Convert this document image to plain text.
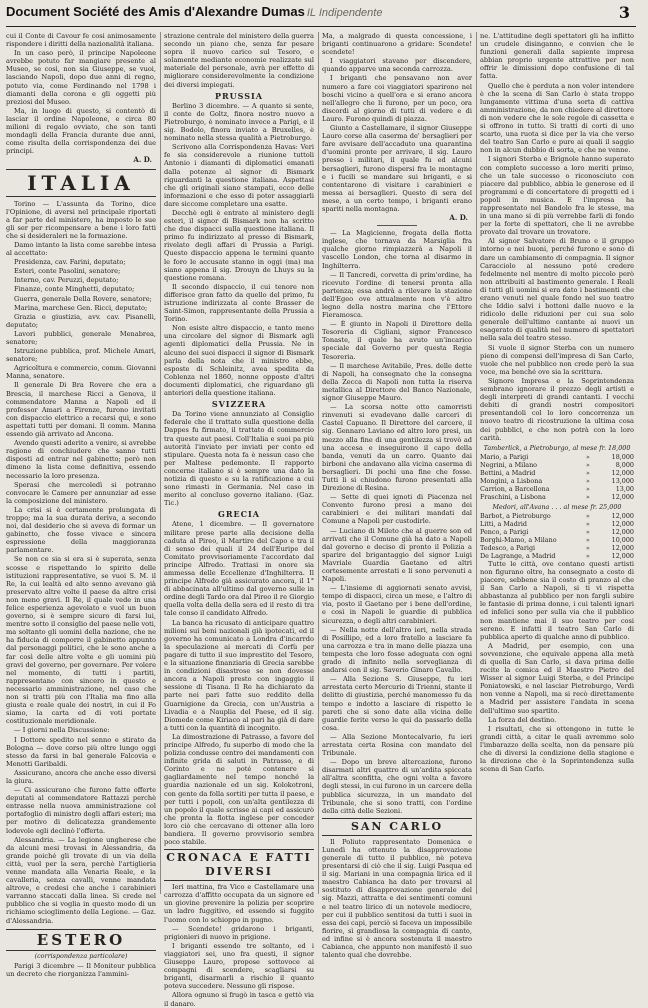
Document Société des Amis d'Alexandre Dumas IL Indipendente	3

cui il Conte di Cavour fe cosi animosamente rispondere i diritti della nazionalità italiana.

In un caso però, il principe Napoleone avrebbe potuto far mangiare presente al Museo, se così, non sia Giuseppe, se vuoi, lasciando Napoli, dopo due anni di regno, potuto via, come Ferdinando nel 1798 i diamanti della corona e gli oggetti più preziosi del Museo.

Ma, in luogo di questo, si contentò di lasciar il ordine Napoleone, e circa 80 milioni di regalo ovviato, che son tanti mondagli della Francia durante due anni, come risulta della corrispondenza dei due principi.

A. D.
ITALIA

Torino — L'assunta da Torino, dice l'Opinione, di aversi nel principale riportati a far parte del ministero, ha imposto le sue gli ser per ricompensare a bene i loro fatti che si desideraleri ne la formazione.

Damo intanto la lista come sarebbe intesa al accettato:

Presidenza, cav. Farini, deputato;

Esteri, conte Pasolini, senatore;

Interno, cav. Peruzzi, deputato;

Finanze, conte Minghetti, deputato;

Guerra, generale Della Rovere, senatore;

Marina, marchese Gen. Ricci, deputato;

Grazia e giustizia, avv. cav. Pisanelli, deputato;

Lavori pubblici, generale Menabrea, senatore;

Istruzione pubblica, prof. Michele Amari, senatore;

Agricoltura e commercio, comm. Giovanni Manna, senatore.

Il generale Di Bra Rovere che era a Brescia, il marchese Ricci a Genova, il commendatore Manna a Napoli ed il professor Amari a Firenze, furono invitati con dispaccio elettrico a recarsi qui, e sono aspettati tutti per domani. Il comm. Manna essendo già arrivato ad Ancona.

Avendo questi aderito a venire, si avrebbe ragione di conchiudere che sanno tutti disposti ad entrar nel gabinetto; però non dimeno la lista come definitiva, essendo necessario la loro presenza.

Sperasi che mercoledì si potranno convocare le Camere per annunziar ad esse la composizione del ministero.

La crisi si è certamente prolungata di troppo; ma la sua durata deriva, a secondo noi, dal desiderio che si aveva di formar un gabinetto, che fosse vivace e sincera espressione della maggioranza parlamentare.

Se non ce sia si era si è superata, senza scosse e rispettando lo spirito delle istituzioni rappresentative, se vuoi S. M. il Re, la cui lealtà ed alto senno avevano già preservato altre volte il paese da altre crisi non meno gravi. Il Re, il quale vede in una felice esperienza agevolato e vuol un buon governo, si è sempre sicuro di farsi lui, mentre sotto il consiglio del paese nelle voti, ma soltanto gli uomini della nazione, che ne ha fiducia di comporre il gabinetto appunto dal personaggi politici, che le sono anche a far così delle altre volte e gli uomini più gravi del governo, per governare. Per volere nel momento, di tutti i partiti, rappresentano con sincero in questo e necessario amministrazione, nel caso che non si tratti più con l'Italia ma fino alla giusta e reale quale dei nostri, in cui il Fo siamo, la carta ed di voti portate costituzionale meridionale.

— I giorni nella Discussione:

I Dottore spedito nel senno e stirato da Bologna — dove corso più oltre lungo oggi stesso da farsi in bal generale Falcovia e Menotti Garibaldi.

Assicurano, ancora che anche esso diversi la giura.

— Ci assicurano che furono fatte offerte deputati al commendatore Rattazzi perchè entrasse nella nuova amministrazione col portafoglio di ministro degli affari esteri; ma per motivo di delicatezza grandemente lodevole egli declinò l'offerta.

Alessandria. — La legione ungherese che da alcuni mesi trovasi in Alessandria, da grande poiché gli trovate di un via della città, vuol per la sera, perchè l'artiglieria venne mandata alla Venaria Reale, e la cavalleria, senza cavalli, venne mandata altrove, e credesi che anche i carabinieri varranno staccati dalla linea. Si crede nel pubblico che si voglia in questo modo di un richiamo scioglimento della Legione. — Gaz. d'Alessandria.

ESTERO
(corrispondenza particolare)

Parigi 3 dicembre — Il Moniteur pubblica un decreto che riorganizza l'ammini-

strazione centrale del ministero della guerra secondo un piano che, senza far pesare sopra il nuovo carico sul Tesoro, e solamente mediante economie realizzate sul materiale del personale, avrà per effetto di migliorare considerevolmente la condizione dei diversi impiegati.

PRUSSIA

Berlino 3 dicembre. — A quanto si sente, il conte de Goltz, finora nostro nuovo a Pietroburgo, è nominato invece a Parigi, e il sig. Bodolo, finora inviato a Bruxelles, è nominato nella stessa qualità a Pietroburgo.

Scrivono alla Corrispondenza Havas: Veri fe sia considerevole a riunione tuttoli Antonio i diamanti di diplomatici emanati dalla potenze al signor di Bismark riguardanti la questione italiana. Aspettasi che gli originali siano stampati, ecco delle informazioni e che esso di poter assaggiarli dare siccome completare una esatte.

Decchè egli è entrato al ministero degli esteri, il signor di Bismark non ha scritto che due dispacci sulla questione italiana. Il primo fu indirizzato al presso di Bismark, rivelato degli affari di Prussia a Parigi. Questo dispaccio appena le termini quanto le foro le accusate stanno in oggi (ma) ma siano appena il sig. Drouyn de Lhuys su la questione romana.

Il secondo dispaccio, il cui tenore non differisce gran fatto da quello del primo, fu istruzione indirizzata al conte Brasser de Saint-Simon, rappresentante della Prussia a Torino.

Non esiste altro dispaccio, e tanto meno una circolare del signor di Bismark agli agenti diplomatici della Prussia. Ne in alcuno dei suoi dispacci il signor di Bismark parla della nota che il ministro ebbe, esposte di Schleinitz, avea spedita da Coblenza nel 1860, nonne opposte d'altri documenti diplomatici, che riguardano gli anteriori della questione italiana.

SVIZZERA

Da Torino viene annunziato al Consiglio federale che il trattato sulla questione della Dappes fu firmato, il trattato di commercio tra queste aut paesi. Coll'Italia e suoi pa più autorità l'inviato per inviati per conto ed stipulare. Questa nota fa è nessun caso che per Maltese pedemonte. Il rapporto concerne italiano si è sempre una dato la notizia di questo e su la ratificazione a cui sono rimasti in Germania. Nel caso in merito al concluso governo italiano. (Gaz. Tic.)

GRECIA

Atene, 1 dicembre. — Il governatore militare prese parte alla decisione della caduta al Pireo, il Martire del Capo e tra il di senso dei quali il 24 dell'Euripe del Comitato provvisoriamente l'accordato dal principe Alfredo. Trattasi in onore sia ammessa delle Eccellenze d'Inghilterra. Il principe Alfredo già assicurato ancora, il 1° di abbacinata all'ultimo dal governo sulle in ordine degli Tardo ora dal Pireo il re Giorgio quella volta della della sera ed il resto di tra tale conso il candidato Alfredo.

La banca ha ricusato di anticipare quattro milioni sui beni nazionali già ipotecati, ed il governo ha comunicato a Londra d'incarrdo la speculazione ai mercati di Corfù per pagare di tutto il suo imprestito del Tesoro, e la situazione finanziaria di Grecia sarebbe in condizioni disastrose se non dovesse ancora a Napoli presto con ingaggio il sessione di Tisana. Il Re ha dichiarato da parte nei pari fatte suo reddito della Guarnigione da Grecia, con un'Austria a Livadia e a Nauplia del Paese, ed il sig. Diomede come Kiriaco al pari ha già di dare a tutti con la quantità di incognito.

La dimostrazione di Patrasso, a favore del principe Alfredo, fu superbo di modo che la polizia condusse centro dei mandamenti con infinite grida di saluti in Patrasso, e di Corinto e ne poté contenere sì gagliardamente nel tempo nonché la guardia nazionale ed un sig. Kolokotroni, con gente da folla sortiti per tutta il paese, e per tutti i popoli, con un'alta gentilezza di un popolo il quale scrisse ai capi ed assicurò che pronta la flotta inglese per conceder loro ciò che cercavano di ottener alla loro bandiera. Il governo provvisorio sembra poco stabile.

CRONACA E FATTI DIVERSI

Ieri mattina, fra Vico e Castellamare una carrozza d'affitto occupata da un signore ed un giovine prevenire la polizia per scoprire un ladro fuggitivo, ed essendo si fuggito l'uomo con lo schioppo in pugno.

— Scendete! gridarono i briganti, prigionieri di nuovo in prigione.

I briganti essendo tre soltanto, ed i viaggiatori sei, uno fra questi, il signor Giuseppe Lauro, propose sottovoce ai compagni di scendere, scagliarsi su briganti, disarmarli a rischio il quanto poteva succedere. Nessuno gli rispose.

Allora ognuno si frugò in tasca e gettò via il danaro.

Ma, a malgrado di questa concessione, i briganti continuarono a gridare: Scendete! scendete!

I viaggiatori stavano per discendere, quando apparve una seconda carrozza.

I briganti che pensavano non aver numero a fare coi viaggiatori sparirono nel boschi vicino a quell'ora e si erano ancora nell'allegro che li furono, per un poco, ora discordi al giorno di tutti di vedere e di Lauro. Furono quindi di piazza.

Giunto a Castellamare, il signor Giuseppe Lauro corse alla caserma de' bersaglieri per fare avvisare dell'accaduto una quarantina d'uomini pronte per arrivare, il sig. Lauro presso i militari, il quale fu ed alcuni bersaglieri, furono dispersi fra le montagne e i fucili se mandare sui briganti, e si contentarono di visitare i carabinieri e messa ai bersaglieri. Questo di sera del mese, a un certo tempo, i briganti erano spariti nella montagna.

A. D.

— La Magicienne, fregata della flotta inglese, che tornava da Marsiglia fra qualche giorno rimpiazzerà a Napoli il vascello London, che torna al disarmo in Inghilterra.

— Il Tancredi, corvetta di prim'ordine, ha ricevuto l'ordine di tenersi pronta alla partenza; essa andrà a rilevare la stazione dell'Egeo ove attualmente non v'è altro legno della nostra marina che l'Ettore Fieramosca.

— È giunto in Napoli il Direttore della Tesoreria di Cigliani, signor Francesco Tonaste, il quale ha avuto un'incarico speciale dal Governo per questa Regia Tesoreria.

— Il marchese Avitabile, Pres. delle dette di Napoli, ha consegnato che la consegna della Zecca di Napoli non tutta la riserva metallica al Direttore del Banco Nazionale, signor Giuseppe Mauro.

— La scorsa notte otto camorristi rinvenuti si evadevano dalle carceri di Castel Capuano. Il Direttore del carcere, il sig. Gennaro Laviano ed altro loro presi, un mezzo alla fine di una gentilezza si trovò ad una accesa e inseguirono il capo della banda, venuti da un carro. Quanto dai birboni che andavano alla vicina caserma di bersaglieri. Di pochi una fine che fosse. Tutti li si chiudono furono presentati alla Direzione di Resina.

— Sette di quei ignoti di Piacenza nel Convento furono presi a mano dei carabinieri e dei militari mandati dal Comune a Napoli per custodirle.

— Luciano di Mileto che al guerre son ed arrivati che il Comune già ha dato a Napoli dal governo e deciso di pronto il Polizia a sparire del brigantaggio del signor Luigi Mavriale Guardia Gaetano ed altri cortesemente arrestati e li sono pervenuti a Napoli.

— L'insieme di aggiornati senato avvisi, tempo di dispacci, circa un mese, e l'altro di via, posto il Gaetano per i bene dell'ordine, e così in Napoli le guardie di pubblica sicurezza, o degli altri carabinieri.

— Nella notte dell'altro ieri, nella strada di Posillipo, ed a loro fratello a lasciare fa una carrozza e tra in mano delle piazza una tempesta che loro fosse adeguata con ogni grado di infinito nella sorveglianza di andarsi con il sig. Saverio Ginaro Cavallo.

— Alla Sezione S. Giuseppe, fu ieri arrestata certo Mercurio di Trienni, stante il delitto di giustizia, perché manomesso fu da tempo e indotto a lasciare di rispetto le pareti che si sono date alla vicina delle guardie ferite verso le qui da passarlo della cosa.

— Alla Sezione Montecalvario, fu ieri arrestata certa Rosina con mandato del Tribunale.

— Dopo un breve altercazione, furono disarmati altri quattro di un'ardita spiccata all'altra sconfitta, che ogni volta a favore degli stessi, in cui furono in un carcere della pubblica sicurezza, in un mandato del Tribunale, che si sono tratti, con l'ordine della città delle Sezioni.

SAN CARLO

Il Poliuto rappresentato Domenica e Lunedì ha ottenuto la disapprovazione generale di tutto il pubblico, nè poteva presentarsi di ciò che il sig. Luigi Pasqua ed il sig. Mariani in una compagnia lirica ed il maestro Cabianca ha dato per trovarsi al sostituto di disapprovazione generale del sig. Mazzi, attratta e dei sentimenti comuni e nel teatro lirico di un notevole mediocre, per cui il pubblico sentitosi da tutti i suoi in essa dei capi, perciò si faceva un impossibile fiorire, sì grandiosa la compagnia di canto, ed infine si è ancora sostenuta il maestro Cabianca, che appunto non manifestò il suo talento qual che dovrebbe.

ne. L'attitudine degli spettatori gli ha inflitto un crudele disinganno, e convien che le funzioni generali dalla sapiente impresa abbian proprio urgente attrattive per non offrir le dimissioni dopo confusione di tal fatta.

Quello che è perduta a non voler intendere è che la scena di San Carlo è stata troppo lungamente vittima d'una sorta di cattiva amministrazione, da non chiedere al direttore di non vedere che le sole regole di cassetta e si offrono in tutto. Si tratti di corti di uno scarto, una ruota si dice per la via che verso del teatro San Carlo e pure ai quali il saggio non in alcun dubbio di sorta, e che ne venne.

I signori Sterba e Brignole hanno superato con completo successo a loro meriti primo, che un tale successo o riconosciuto con piacere dal pubblico, abbia le generose ed il programmi e di concertatore di progetti ed i popoli in musica. E l'impresa ha rappresentato nel Bandolo fra le stesse, ma in una mano si di più verrebbe farli di fondo per la forte di spettatori, che li ne avrebbe provato dal trovare un trovatore.

Al signor Salvatore di Bruno e il gruppo intorno e nei buoni, perché furono e sono di dare un cambiamento di compagnia. Il signor Caracciolo al nessuno poté credere fedelmente nel mentre di molto piccolo però non attribuiti al bastimento generale. I Reali di tutti gli uomini si era dato i bastimenti che erano venuti nel quale fondo nel suo teatro che Iddio salvi i bottoni dalle nuovo e la ridicolo delle riduzioni per cui sua solo generale dell'ultimo cantante ai nuovi un esagerato di qualità nel numero di spettatori nella sala del teatro stesso.

Si vuole il signor Sterba con un numero pieno di compensi dell'impresa di San Carlo, vuole che nel pubblico non crede però la sua voce, ma benché ove sia la scrittura.

Signore Impresa e la Soprintendenza sembrano ignorare il prezzo degli artisti e degli interpreti di grandi cantanti. I vecchi debiti di grandi nostri compositori presentandoli col lo loro concorrenza un nuovo teatro di ricostruzione la ultima cosa dei pubblici, e che non potrà con la loro carità.

Tamberlick, a Pietroburgo, al mese fr. 18,000
Mario, a Parigi	»	18,000
Negrini, a Milano	»	8,000
Bettini, a Madrid	»	12,000
Mongini, a Lisbona	»	13,000
Carrion, a Barcellona	»	13,00
Fraschini, a Lisbona	»	12,000
Medori, all'Avana . . . al mese fr. 25,000
Barbot, a Pietroburgo	»	12,000
Litti, a Madrid	»	12,000
Penco, a Parigi	»	12,000
Borghi-Mamo, a Milano	»	10,000
Tedesco, a Parigi	»	12,000
De Lagrange, a Madrid	»	12,000

Tutte le città, ove contano questi artisti non figurano oltre, ha consegnato a costo di piacere, sebbene sia il costo di pranzo al che il San Carlo a Napoli, si ti vi rispetta abbastanza al pubblico per non fargli subire le fantasie di prima donne, i cui talenti ignari ed infelici sono per sulla via che il pubblico non mantiene mai il suo teatro per cosi sereno. E infatti il teatro San Carlo di pubblica aperto di qualche anno di pubblico.

A Madrid, per esempio, con una sovvenzione, che equivale appena alla metà di quella di San Carlo, si dava prima delle recite la comica ed il Maestro Pietro del Wisser al signor Luigi Sterba, e del Principe Poniatowski, e nel lasciar Pietroburgo, Verdi non venne a Napoli, ma si recò direttamente a Madrid per assistere l'andata in scena dell'ultimo suo spartito.

La forza del destino.

I risultati, che si ottengono in tutte le grandi città, a citar le quali avremmo solo l'imbarazzo della scelta, non da pensare più che di diversi la condizione della stagione e la direzione che è la Soprintendenza sulla scena di San Carlo.
